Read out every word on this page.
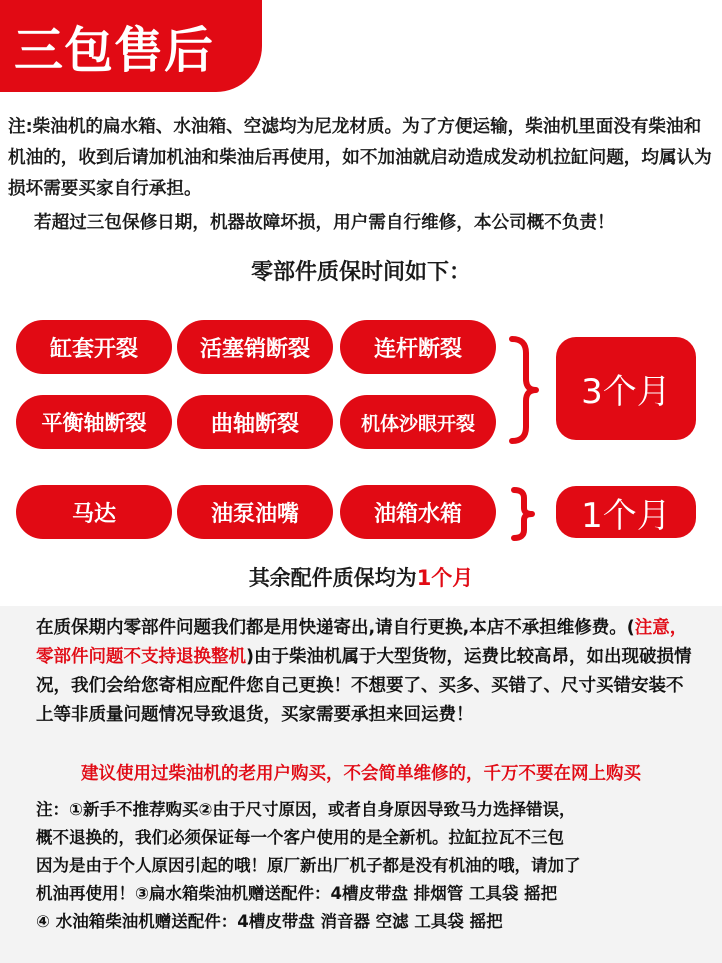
三包售后

注:柴油机的扁水箱、水油箱、空滤均为尼龙材质。为了方便运输，柴油机里面没有柴油和机油的，收到后请加机油和柴油后再使用，如不加油就启动造成发动机拉缸问题，均属认为损坏需要买家自行承担。

若超过三包保修日期，机器故障坏损，用户需自行维修，本公司概不负责！

零部件质保时间如下：
缸套开裂	活塞销断裂	连杆断裂
平衡轴断裂	曲轴断裂	机体沙眼开裂
3个月
马达	油泵油嘴	油箱水箱	1个月
其余配件质保均为1个月

在质保期内零部件问题我们都是用快递寄出,请自行更换,本店不承担维修费。(注意，零部件问题不支持退换整机)由于柴油机属于大型货物，运费比较高昂，如出现破损情况，我们会给您寄相应配件您自己更换！不想要了、买多、买错了、尺寸买错安装不上等非质量问题情况导致退货，买家需要承担来回运费！

建议使用过柴油机的老用户购买，不会简单维修的，千万不要在网上购买

注：①新手不推荐购买②由于尺寸原因，或者自身原因导致马力选择错误，
概不退换的，我们必须保证每一个客户使用的是全新机。拉缸拉瓦不三包
因为是由于个人原因引起的哦！原厂新出厂机子都是没有机油的哦，请加了
机油再使用！③扁水箱柴油机赠送配件：4槽皮带盘 排烟管 工具袋 摇把
④ 水油箱柴油机赠送配件：4槽皮带盘 消音器 空滤 工具袋 摇把
